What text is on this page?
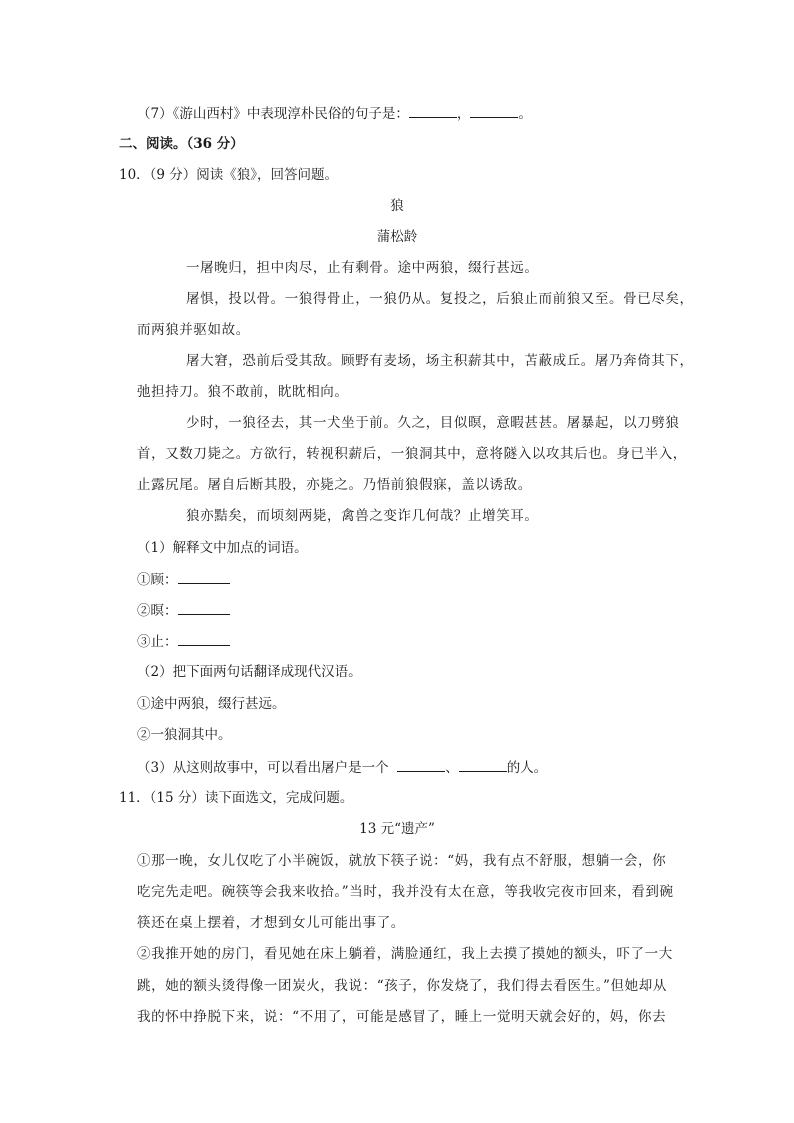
（7）《游山西村》中表现淳朴民俗的句子是：	，	。
二、阅读。（36 分）
10．（9 分）阅读《狼》，回答问题。
狼
蒲松龄
一屠晚归，担中肉尽，止有剩骨。途中两狼，缀行甚远。
屠惧，投以骨。一狼得骨止，一狼仍从。复投之，后狼止而前狼又至。骨已尽矣，
而两狼并驱如故。
屠大窘，恐前后受其敌。顾野有麦场，场主积薪其中，苫蔽成丘。屠乃奔倚其下，
弛担持刀。狼不敢前，眈眈相向。
少时，一狼径去，其一犬坐于前。久之，目似暝，意暇甚甚。屠暴起，以刀劈狼
首，又数刀毙之。方欲行，转视积薪后，一狼洞其中，意将隧入以攻其后也。身已半入，
止露尻尾。屠自后断其股，亦毙之。乃悟前狼假寐，盖以诱敌。
狼亦黠矣，而顷刻两毙，禽兽之变诈几何哉？止增笑耳。
（1）解释文中加点的词语。
①顾：
②暝：
③止：
（2）把下面两句话翻译成现代汉语。
①途中两狼，缀行甚远。
②一狼洞其中。
（3）从这则故事中，可以看出屠户是一个	、	的人。
11．（15 分）读下面选文，完成问题。
13 元“遗产”
①那一晚，女儿仅吃了小半碗饭，就放下筷子说：“妈，我有点不舒服，想躺一会，你
吃完先走吧。碗筷等会我来收拾。”当时，我并没有太在意，等我收完夜市回来，看到碗
筷还在桌上摆着，才想到女儿可能出事了。
②我推开她的房门，看见她在床上躺着，满脸通红，我上去摸了摸她的额头，吓了一大
跳，她的额头烫得像一团炭火，我说：“孩子，你发烧了，我们得去看医生。”但她却从
我的怀中挣脱下来，说：“不用了，可能是感冒了，睡上一觉明天就会好的，妈，你去
